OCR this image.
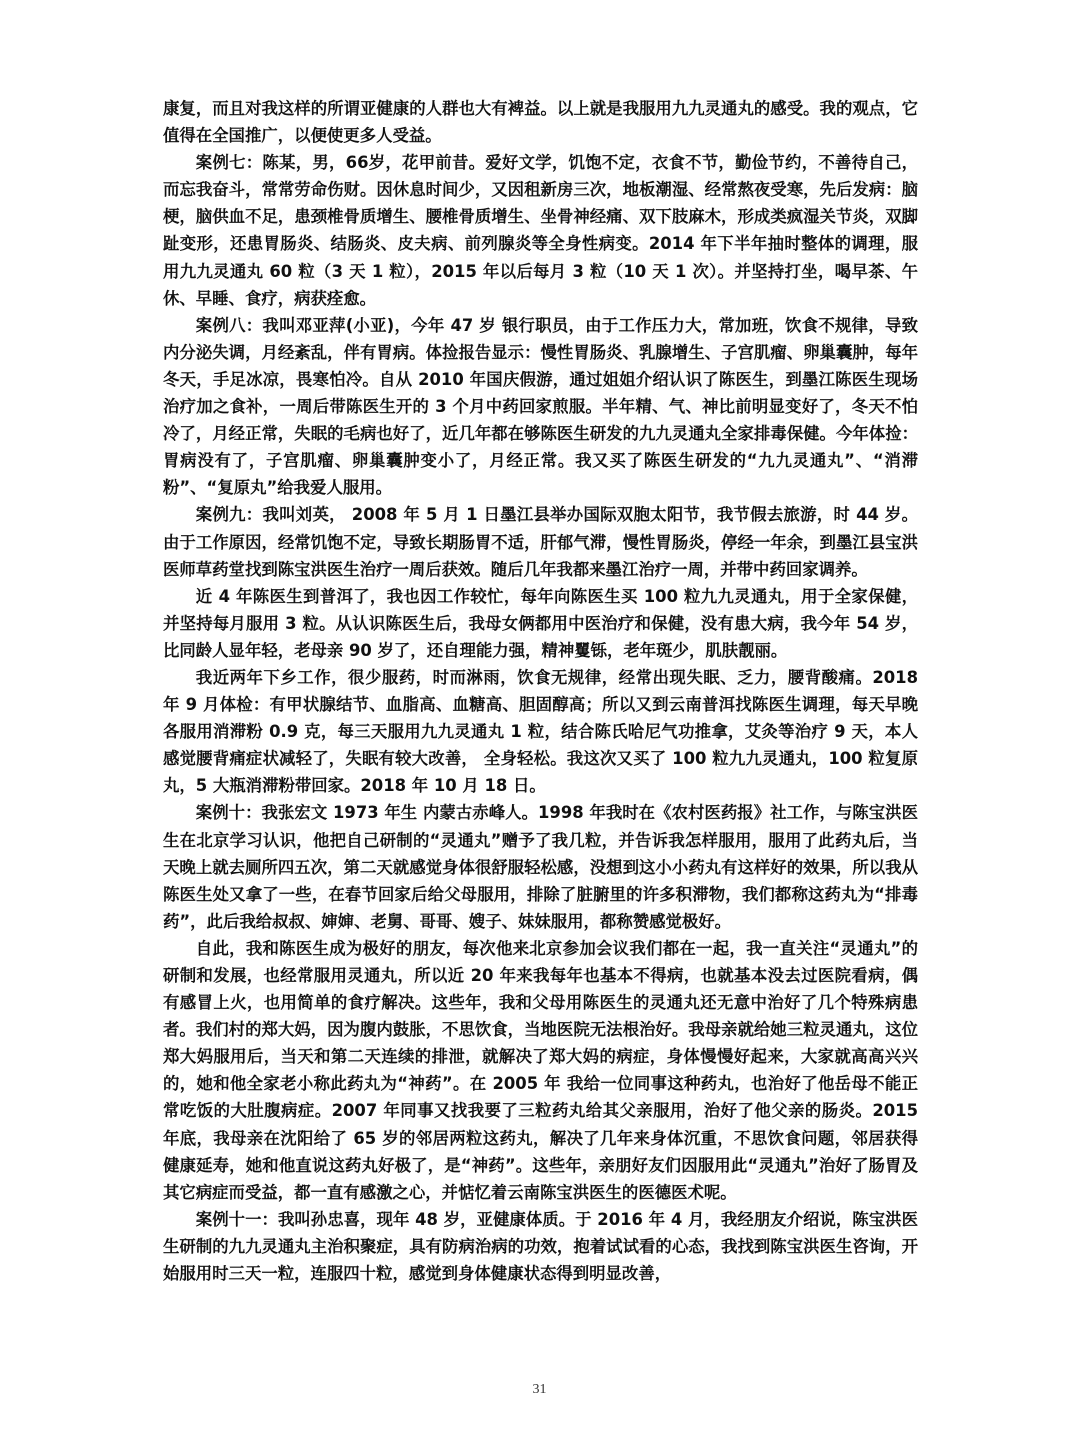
康复，而且对我这样的所谓亚健康的人群也大有裨益。以上就是我服用九九灵通丸的感受。我的观点，它值得在全国推广，以便使更多人受益。

案例七：陈某，男，66岁，花甲前昔。爱好文学，饥饱不定，衣食不节，勤俭节约，不善待自己，而忘我奋斗，常常劳命伤财。因休息时间少，又因租新房三次，地板潮湿、经常熬夜受寒，先后发病：脑梗，脑供血不足，患颈椎骨质增生、腰椎骨质增生、坐骨神经痛、双下肢麻木，形成类疯湿关节炎，双脚趾变形，还患胃肠炎、结肠炎、皮夫病、前列腺炎等全身性病变。2014 年下半年抽时整体的调理，服用九九灵通丸 60 粒（3 天 1 粒），2015 年以后每月 3 粒（10 天 1 次）。并坚持打坐，喝早茶、午休、早睡、食疗，病获痊愈。

案例八：我叫邓亚萍(小亚)，今年 47 岁 银行职员，由于工作压力大，常加班，饮食不规律，导致内分泌失调，月经紊乱，伴有胃病。体捡报告显示：慢性胃肠炎、乳腺增生、子宫肌瘤、卵巢囊肿，每年冬天，手足冰凉，畏寒怕冷。自从 2010 年国庆假游，通过姐姐介绍认识了陈医生，到墨江陈医生现场治疗加之食补，一周后带陈医生开的 3 个月中药回家煎服。半年精、气、神比前明显变好了，冬天不怕冷了，月经正常，失眠的毛病也好了，近几年都在够陈医生研发的九九灵通丸全家排毒保健。今年体捡：胃病没有了，子宫肌瘤、卵巢囊肿变小了，月经正常。我又买了陈医生研发的“九九灵通丸”、“消滞粉”、“复原丸”给我爱人服用。

案例九：我叫刘英， 2008 年 5 月 1 日墨江县举办国际双胞太阳节，我节假去旅游，时 44 岁。由于工作原因，经常饥饱不定，导致长期肠胃不适，肝郁气滞，慢性胃肠炎，停经一年余，到墨江县宝洪医师草药堂找到陈宝洪医生治疗一周后获效。随后几年我都来墨江治疗一周，并带中药回家调养。

近 4 年陈医生到普洱了，我也因工作较忙，每年向陈医生买 100 粒九九灵通丸，用于全家保健，并坚持每月服用 3 粒。从认识陈医生后，我母女俩都用中医治疗和保健，没有患大病，我今年 54 岁， 比同龄人显年轻，老母亲 90 岁了，还自理能力强，精神矍铄，老年斑少，肌肤靓丽。

我近两年下乡工作，很少服药，时而淋雨，饮食无规律，经常出现失眠、乏力，腰背酸痛。2018 年 9 月体检：有甲状腺结节、血脂高、血糖高、胆固醇高；所以又到云南普洱找陈医生调理，每天早晚各服用消滞粉 0.9 克，每三天服用九九灵通丸 1 粒，结合陈氏哈尼气功推拿，艾灸等治疗 9 天，本人感觉腰背痛症状减轻了，失眠有较大改善， 全身轻松。我这次又买了 100 粒九九灵通丸，100 粒复原丸，5 大瓶消滞粉带回家。2018 年 10 月 18 日。

案例十：我张宏文 1973 年生 内蒙古赤峰人。1998 年我时在《农村医药报》社工作，与陈宝洪医生在北京学习认识，他把自己研制的“灵通丸”赠予了我几粒，并告诉我怎样服用，服用了此药丸后，当天晚上就去厕所四五次，第二天就感觉身体很舒服轻松感，没想到这小小药丸有这样好的效果，所以我从陈医生处又拿了一些，在春节回家后给父母服用，排除了脏腑里的许多积滞物，我们都称这药丸为“排毒药”，此后我给叔叔、婶婶、老舅、哥哥、嫂子、妹妹服用，都称赞感觉极好。

自此，我和陈医生成为极好的朋友，每次他来北京参加会议我们都在一起，我一直关注“灵通丸”的研制和发展，也经常服用灵通丸，所以近 20 年来我每年也基本不得病，也就基本没去过医院看病，偶有感冒上火，也用简单的食疗解决。这些年，我和父母用陈医生的灵通丸还无意中治好了几个特殊病患者。我们村的郑大妈，因为腹内鼓胀，不思饮食，当地医院无法根治好。我母亲就给她三粒灵通丸，这位郑大妈服用后，当天和第二天连续的排泄，就解决了郑大妈的病症，身体慢慢好起来，大家就高高兴兴的，她和他全家老小称此药丸为“神药”。在 2005 年 我给一位同事这种药丸，也治好了他岳母不能正常吃饭的大肚腹病症。2007 年同事又找我要了三粒药丸给其父亲服用，治好了他父亲的肠炎。2015 年底，我母亲在沈阳给了 65 岁的邻居两粒这药丸，解决了几年来身体沉重，不思饮食问题，邻居获得健康延寿，她和他直说这药丸好极了，是“神药”。这些年，亲朋好友们因服用此“灵通丸”治好了肠胃及其它病症而受益，都一直有感激之心，并惦忆着云南陈宝洪医生的医德医术呢。

案例十一：我叫孙忠喜，现年 48 岁，亚健康体质。于 2016 年 4 月，我经朋友介绍说，陈宝洪医生研制的九九灵通丸主治积聚症，具有防病治病的功效，抱着试试看的心态，我找到陈宝洪医生咨询，开始服用时三天一粒，连服四十粒，感觉到身体健康状态得到明显改善，

31
